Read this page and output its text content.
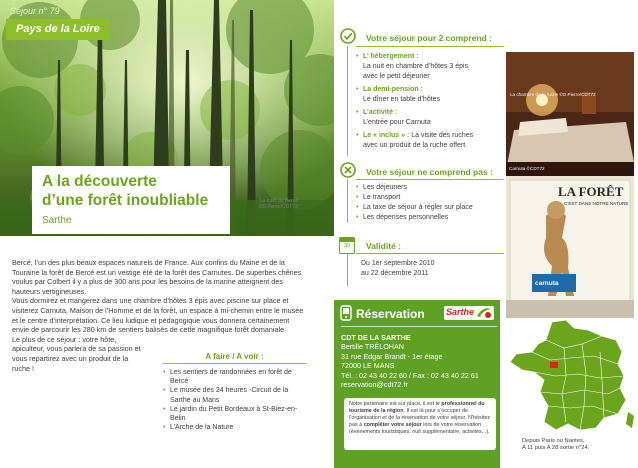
Séjour n° 79
Pays de la Loire
A la découverte
d’une forêt inoubliable
Sarthe
La forêt de Bercé ©D.Pierre/CDT72

Bercé, l’un des plus beaux espaces naturels de France. Aux confins du Maine et de la Touraine la forêt de Bercé est un vestige été de la forêt des Carnutes. De superbes chênes voulus par Colbert il y a plus de 300 ans pour les besoins de la marine atteignent des hauteurs vertigineuses.

Vous dormirez et mangerez dans une chambre d’hôtes 3 épis avec piscine sur place et visiterez Carnuta, Maison de l’Homme et de la forêt, un espace à mi-chemin entre le musée et le centre d’interprétation. Ce lieu ludique et pédagogique vous donnera certainement envie de parcourir les 280 km de sentiers balisés de cette magnifique forêt domaniale.

Le plus de ce séjour : votre hôte, apiculteur, vous parlera de sa passion et vous repartirez avec un produit de la ruche !

A faire / A voir :
• Les sentiers de randonnées en forêt de Bercé
• Le musée des 24 heures -Circuit de la Sarthe au Mans
• Le jardin du Petit Bordeaux à St-Biez-en-Belin
• L’Arche de la Nature
Votre séjour pour 2 comprend :
• L’ hébergement :
La nuit en chambre d’hôtes 3 épis
avec le petit déjeuner
• La demi-pension :
Le dîner en table d’hôtes
• L’activité :
L’entrée pour Carnuta
• Le « inclus » : La visite des ruches
avec un produit de la ruche offert
Votre séjour ne comprend pas :
• Les déjeuners
• Le transport
• La taxe de séjour à régler sur place
• Les dépenses personnelles
30	Validité :
Du 1er septembre 2010
au 22 décembre 2011
La chambre de la ruche ©D.Pierre/CDT72
LA FORÊT
C’EST DANS NOTRE NATURE
carnuta
Carnuta ©CDT72
Réservation Sarthe
CDT DE LA SARTHE
Bertille TRÉLOHAN
31 rue Edgar Brandt - 1er étage
72000 LE MANS
Tél. : 02 43 40 22 60 / Fax : 02 43 40 22 61
reservation@cdt72.fr
Notre partenaire est sur place, il est le professionnel du tourisme de la région. Il est là pour s’occuper de l’organisation et de la réservation de votre séjour. N’hésitez pas à compléter votre séjour lors de votre réservation (évènements touristiques, nuit supplémentaire, activités...).
Depuis Paris ou Nantes,
A 11 puis A 28 sortie n°24.
